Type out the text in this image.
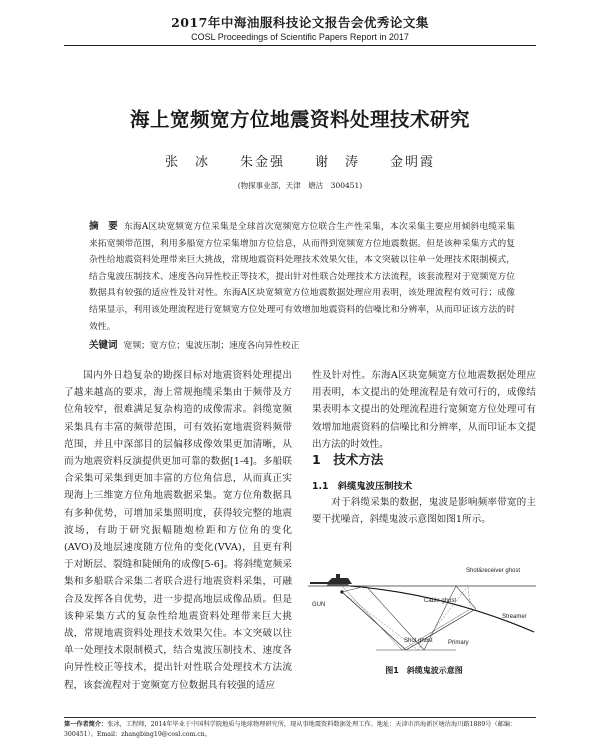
2017年中海油服科技论文报告会优秀论文集
COSL Proceedings of Scientific Papers Report in 2017
海上宽频宽方位地震资料处理技术研究
张　冰　　朱金强　　谢　涛　　金明霞
(物探事业部，天津　塘沽　300451)
摘　要 东海A区块宽频宽方位采集是全球首次宽频宽方位联合生产性采集，本次采集主要应用倾斜电缆采集来拓宽频带范围，利用多船宽方位采集增加方位信息，从而得到宽频宽方位地震数据。但是该种采集方式的复杂性给地震资料处理带来巨大挑战，常规地震资料处理技术效果欠佳，本文突破以往单一处理技术限制模式，结合鬼波压制技术、速度各向异性校正等技术，提出针对性联合处理技术方法流程，该套流程对于宽频宽方位数据具有较强的适应性及针对性。东海A区块宽频宽方位地震数据处理应用表明，该处理流程有效可行；成像结果显示，利用该处理流程进行宽频宽方位处理可有效增加地震资料的信噪比和分辨率，从而印证该方法的时效性。
关键词 宽频；宽方位；鬼波压制；速度各向异性校正

国内外日趋复杂的勘探目标对地震资料处理提出了越来越高的要求，海上常规拖缆采集由于频带及方位角较窄，很难满足复杂构造的成像需求。斜缆宽频采集具有丰富的频带范围，可有效拓宽地震资料频带范围，并且中深部目的层偏移成像效果更加清晰，从而为地震资料反演提供更加可靠的数据[1-4]。多船联合采集可采集到更加丰富的方位角信息，从而真正实现海上三维宽方位角地震数据采集。宽方位角数据具有多种优势，可增加采集照明度，获得较完整的地震波场，有助于研究振幅随炮检距和方位角的变化(AVO)及地层速度随方位角的变化(VVA)，且更有利于对断层、裂缝和陡倾角的成像[5-6]。将斜缆宽频采集和多船联合采集二者联合进行地震资料采集，可融合及发挥各自优势，进一步提高地层成像品质。但是该种采集方式的复杂性给地震资料处理带来巨大挑战，常规地震资料处理技术效果欠佳。本文突破以往单一处理技术限制模式，结合鬼波压制技术、速度各向异性校正等技术，提出针对性联合处理技术方法流程，该套流程对于宽频宽方位数据具有较强的适应

性及针对性。东海A区块宽频宽方位地震数据处理应用表明，本文提出的处理流程是有效可行的，成像结果表明本文提出的处理流程进行宽频宽方位处理可有效增加地震资料的信噪比和分辨率，从而印证本文提出方法的时效性。

1　技术方法
1.1　斜缆鬼波压制技术

对于斜缆采集的数据，鬼波是影响频率带宽的主要干扰噪音，斜缆鬼波示意图如图1所示。

GUN
Shot&receiver ghost
Cable ghost
Streamer
Shot ghost	Primary
图1　斜缆鬼波示意图
第一作者简介：张冰，工程师，2014年毕业于中国科学院地质与地球物理研究所，现从事地震资料数据处理工作。地址：天津市滨海新区塘沽海川路1889号（邮编：300451）。Email：zhangbing19@cosl.com.cn。
